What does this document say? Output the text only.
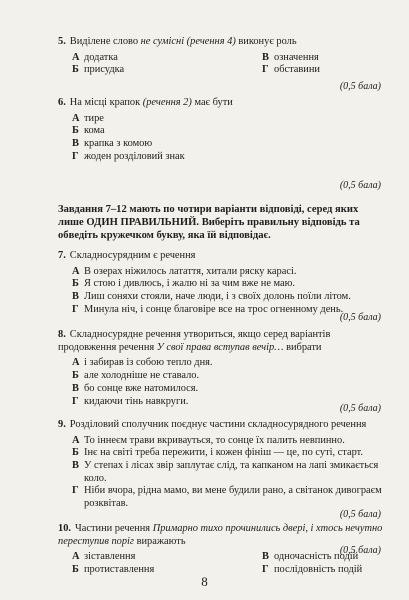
5. Виділене слово не сумісні (речення 4) виконує роль
А додатка	В означення
Б присудка	Г обставини
(0,5 бала)
6. На місці крапок (речення 2) має бути
А тире
Б кома
В крапка з комою
Г жоден розділовий знак
(0,5 бала)
Завдання 7–12 мають по чотири варіанти відповіді, серед яких лише ОДИН ПРАВИЛЬНИЙ. Виберіть правильну відповідь та обведіть кружечком букву, яка їй відповідає.
7. Складносурядним є речення
А В озерах ніжилось латаття, хитали ряску карасі.
Б Я стою і дивлюсь, і жалю ні за чим вже не маю.
В Лиш соняхи стояли, наче люди, і з своїх долонь поїли літом.
Г Минула ніч, і сонце благовіре все на трос огненному день.
(0,5 бала)
8. Складносурядне речення утвориться, якщо серед варіантів продовження речення У свої права вступав вечір… вибрати
А і забирав із собою тепло дня.
Б але холодніше не ставало.
В бо сонце вже натомилося.
Г кидаючи тінь навкруги.
(0,5 бала)
9. Розділовий сполучник поєднує частини складносурядного речення
А То іннеєм трави вкривауться, то сонце їх палить невпинно.
Б Інє на світі треба пережити, і кожен фініш — це, по суті, старт.
В У степах і лісах звір заплутає слід, та капканом на лапі змикається коло.
Г Ніби вчора, рідна мамо, ви мене будили рано, а світанок дивограєм розквітав.
(0,5 бала)
10. Частини речення Примарно тихо прочинились двері, і хтось нечутно переступив поріг виражають
А зіставлення	В одночасність подій
Б протиставлення	Г послідовність подій
(0,5 бала)
8
